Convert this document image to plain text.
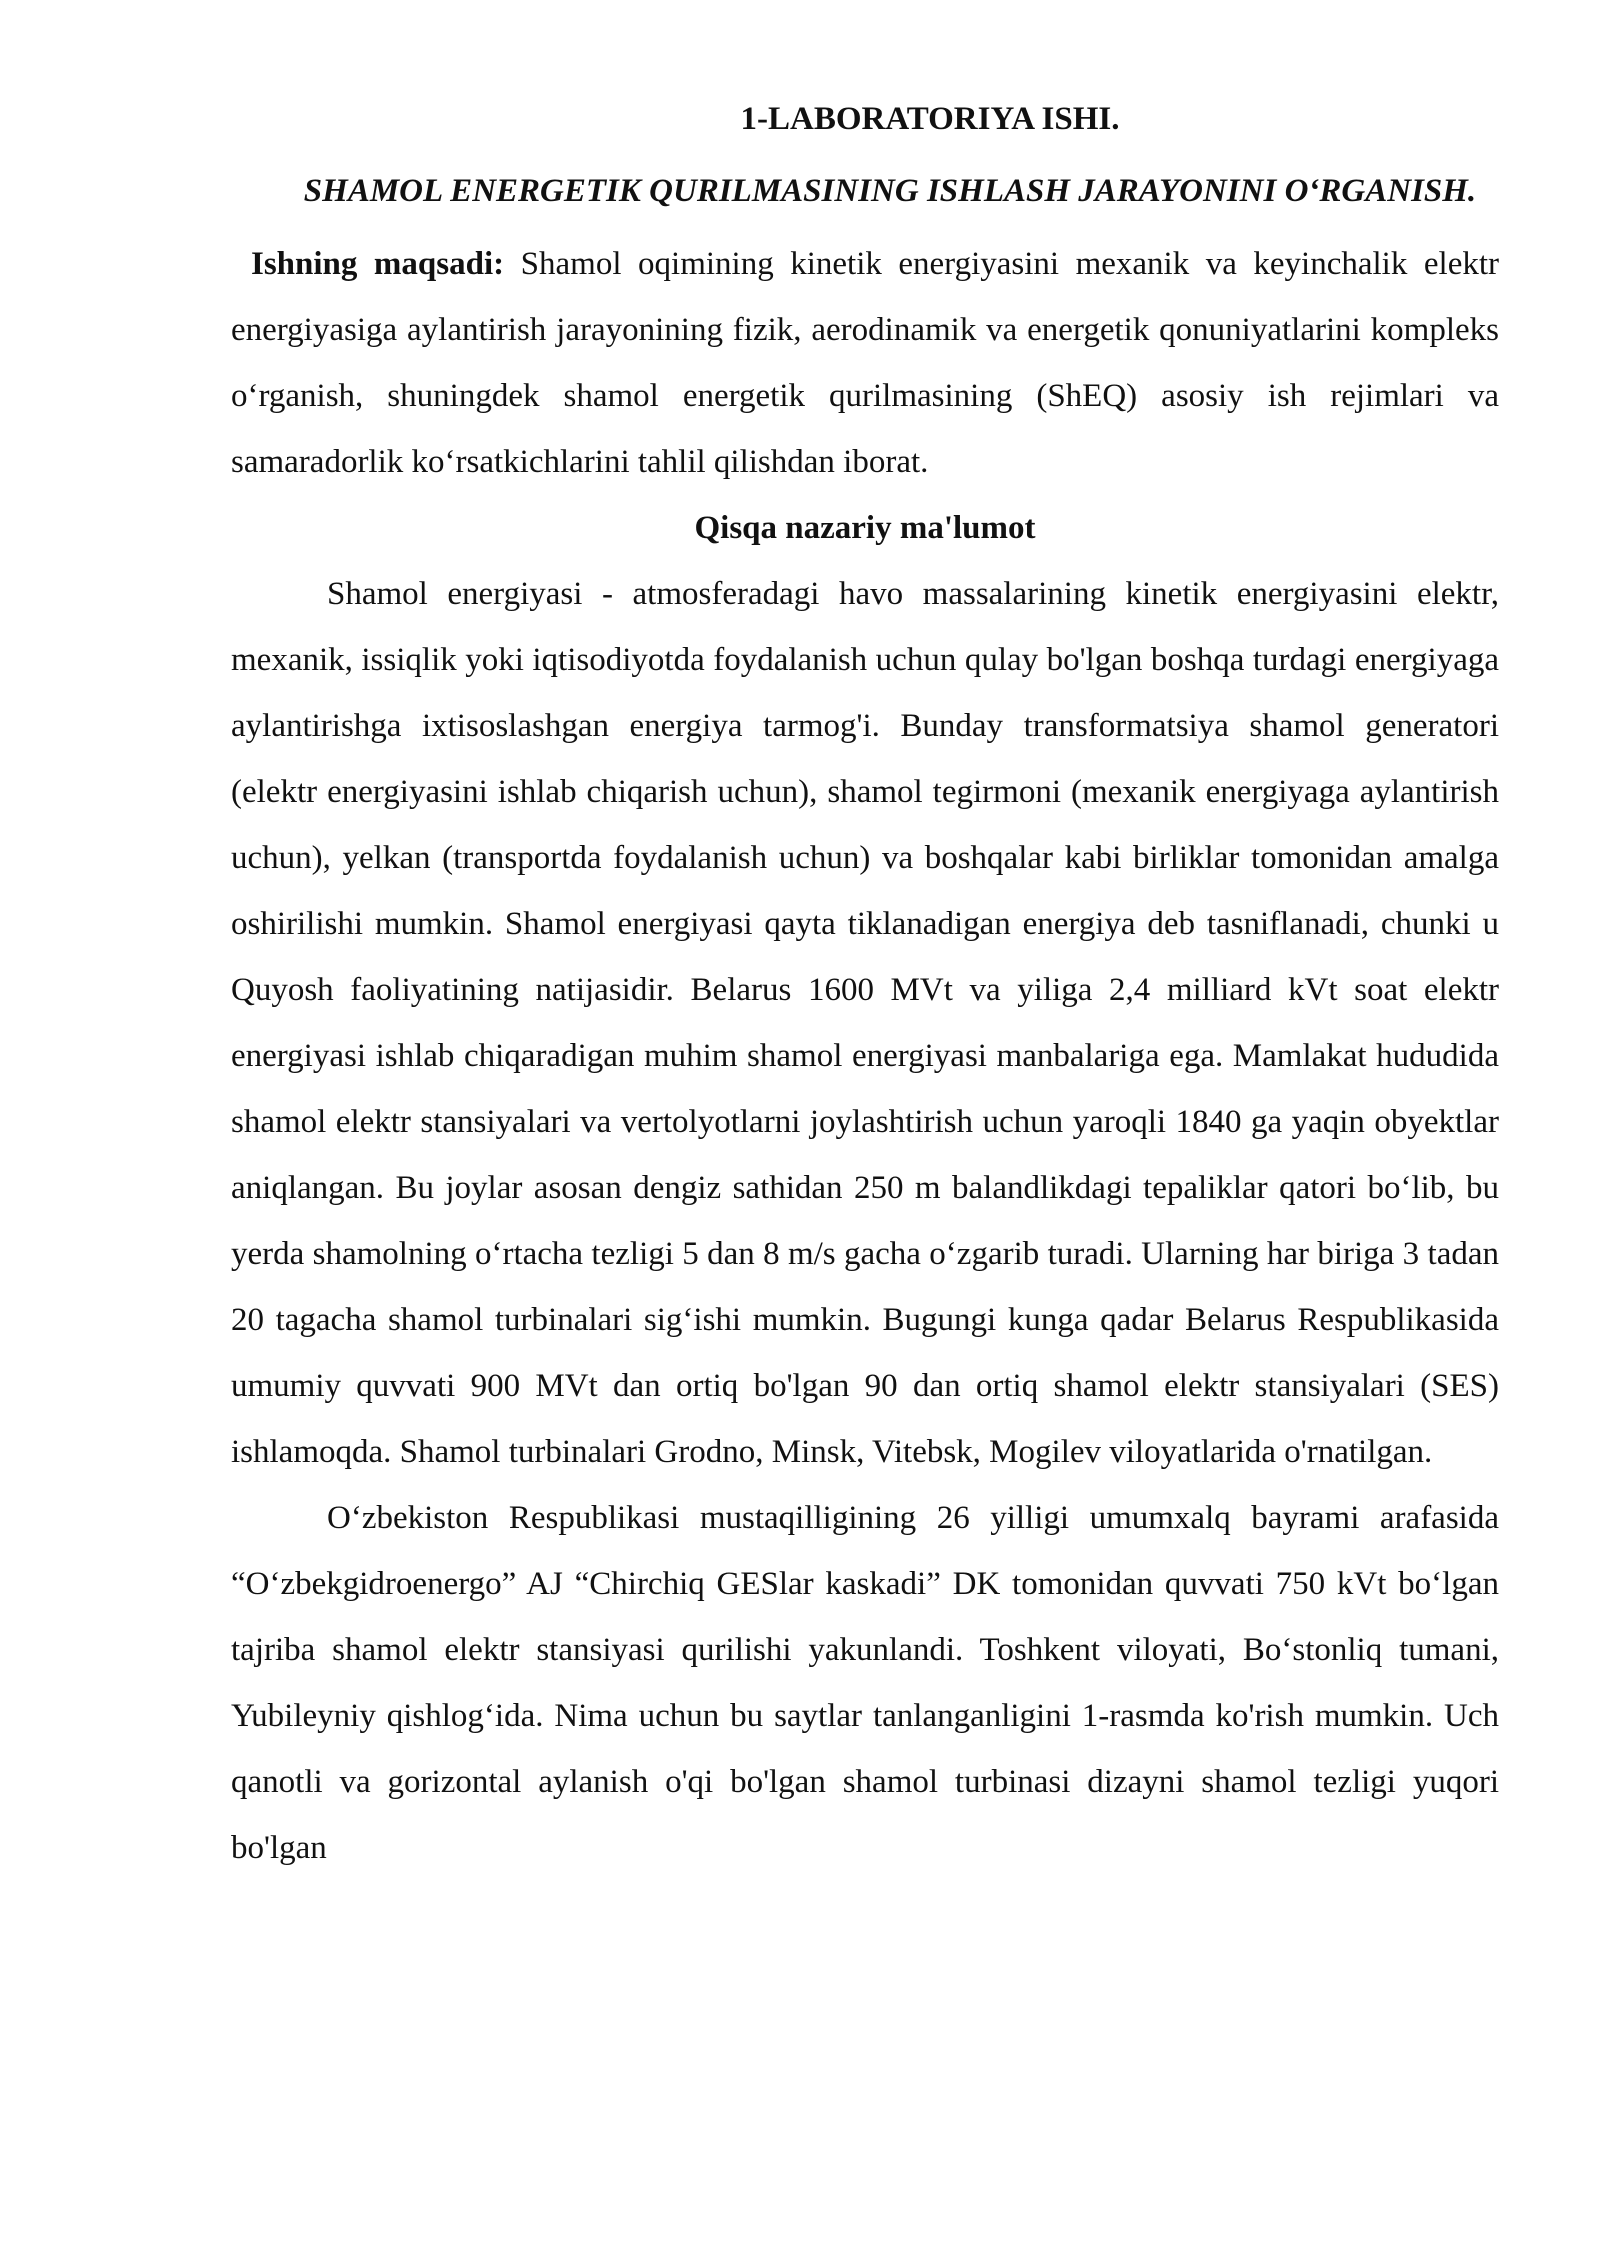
1-LABORATORIYA ISHI.
SHAMOL ENERGETIK QURILMASINING ISHLASH JARAYONINI O‘RGANISH.

Ishning maqsadi: Shamol oqimining kinetik energiyasini mexanik va keyinchalik elektr energiyasiga aylantirish jarayonining fizik, aerodinamik va energetik qonuniyatlarini kompleks o‘rganish, shuningdek shamol energetik qurilmasining (ShEQ) asosiy ish rejimlari va samaradorlik ko‘rsatkichlarini tahlil qilishdan iborat.

Qisqa nazariy ma'lumot

Shamol energiyasi - atmosferadagi havo massalarining kinetik energiyasini elektr, mexanik, issiqlik yoki iqtisodiyotda foydalanish uchun qulay bo'lgan boshqa turdagi energiyaga aylantirishga ixtisoslashgan energiya tarmog'i. Bunday transformatsiya shamol generatori (elektr energiyasini ishlab chiqarish uchun), shamol tegirmoni (mexanik energiyaga aylantirish uchun), yelkan (transportda foydalanish uchun) va boshqalar kabi birliklar tomonidan amalga oshirilishi mumkin. Shamol energiyasi qayta tiklanadigan energiya deb tasniflanadi, chunki u Quyosh faoliyatining natijasidir. Belarus 1600 MVt va yiliga 2,4 milliard kVt soat elektr energiyasi ishlab chiqaradigan muhim shamol energiyasi manbalariga ega. Mamlakat hududida shamol elektr stansiyalari va vertolyotlarni joylashtirish uchun yaroqli 1840 ga yaqin obyektlar aniqlangan. Bu joylar asosan dengiz sathidan 250 m balandlikdagi tepaliklar qatori bo‘lib, bu yerda shamolning o‘rtacha tezligi 5 dan 8 m/s gacha o‘zgarib turadi. Ularning har biriga 3 tadan 20 tagacha shamol turbinalari sig‘ishi mumkin. Bugungi kunga qadar Belarus Respublikasida umumiy quvvati 900 MVt dan ortiq bo'lgan 90 dan ortiq shamol elektr stansiyalari (SES) ishlamoqda. Shamol turbinalari Grodno, Minsk, Vitebsk, Mogilev viloyatlarida o'rnatilgan.

O‘zbekiston Respublikasi mustaqilligining 26 yilligi umumxalq bayrami arafasida “O‘zbekgidroenergo” AJ “Chirchiq GESlar kaskadi” DK tomonidan quvvati 750 kVt bo‘lgan tajriba shamol elektr stansiyasi qurilishi yakunlandi. Toshkent viloyati, Bo‘stonliq tumani, Yubileyniy qishlog‘ida. Nima uchun bu saytlar tanlanganligini 1-rasmda ko'rish mumkin. Uch qanotli va gorizontal aylanish o'qi bo'lgan shamol turbinasi dizayni shamol tezligi yuqori bo'lgan
